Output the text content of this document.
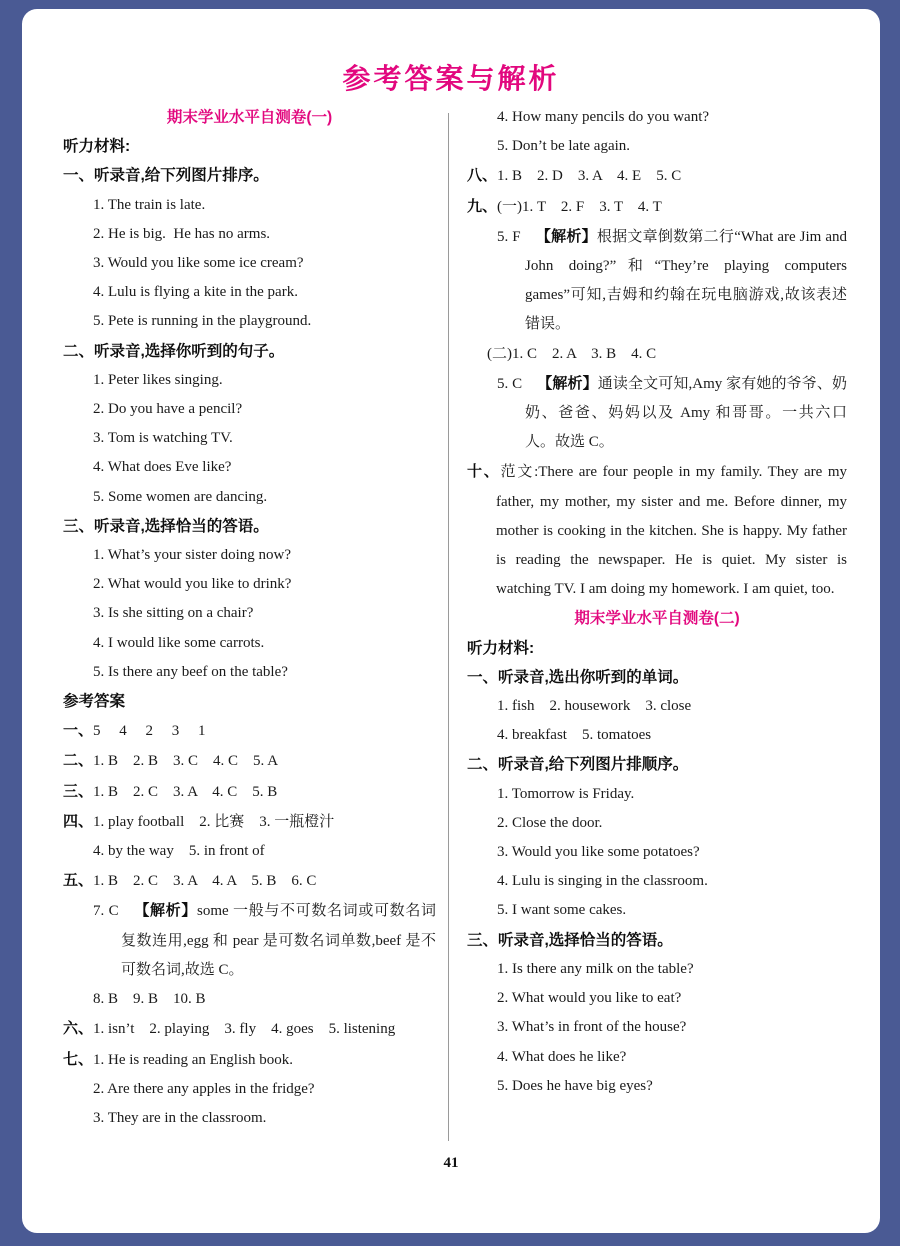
参考答案与解析

期末学业水平自测卷(一)

听力材料:

一、听录音,给下列图片排序。

1. The train is late.

2. He is big.  He has no arms.

3. Would you like some ice cream?

4. Lulu is flying a kite in the park.

5. Pete is running in the playground.

二、听录音,选择你听到的句子。

1. Peter likes singing.

2. Do you have a pencil?

3. Tom is watching TV.

4. What does Eve like?

5. Some women are dancing.

三、听录音,选择恰当的答语。

1. What’s your sister doing now?

2. What would you like to drink?

3. Is she sitting on a chair?

4. I would like some carrots.

5. Is there any beef on the table?

参考答案

一、5     4     2     3     1

二、1. B    2. B    3. C    4. C    5. A

三、1. B    2. C    3. A    4. C    5. B

四、1. play football    2. 比赛    3. 一瓶橙汁

4. by the way    5. in front of

五、1. B    2. C    3. A    4. A    5. B    6. C

7. C  【解析】some 一般与不可数名词或可数名词复数连用,egg 和 pear 是可数名词单数,beef 是不可数名词,故选 C。

8. B    9. B    10. B

六、1. isn’t    2. playing    3. fly    4. goes    5. listening

七、1. He is reading an English book.

2. Are there any apples in the fridge?

3. They are in the classroom.

4. How many pencils do you want?

5. Don’t be late again.

八、1. B    2. D    3. A    4. E    5. C

九、(一)1. T    2. F    3. T    4. T

5. F  【解析】根据文章倒数第二行“What are Jim and John doing?”和“They’re playing computers games”可知,吉姆和约翰在玩电脑游戏,故该表述错误。

(二)1. C    2. A    3. B    4. C

5. C  【解析】通读全文可知,Amy 家有她的爷爷、奶奶、爸爸、妈妈以及 Amy 和哥哥。一共六口人。故选 C。

十、范文:There are four people in my family. They are my father, my mother, my sister and me. Before dinner, my mother is cooking in the kitchen. She is happy. My father is reading the newspaper. He is quiet. My sister is watching TV. I am doing my homework. I am quiet, too.

期末学业水平自测卷(二)

听力材料:

一、听录音,选出你听到的单词。

1. fish    2. housework    3. close

4. breakfast    5. tomatoes

二、听录音,给下列图片排顺序。

1. Tomorrow is Friday.

2. Close the door.

3. Would you like some potatoes?

4. Lulu is singing in the classroom.

5. I want some cakes.

三、听录音,选择恰当的答语。

1. Is there any milk on the table?

2. What would you like to eat?

3. What’s in front of the house?

4. What does he like?

5. Does he have big eyes?

41
